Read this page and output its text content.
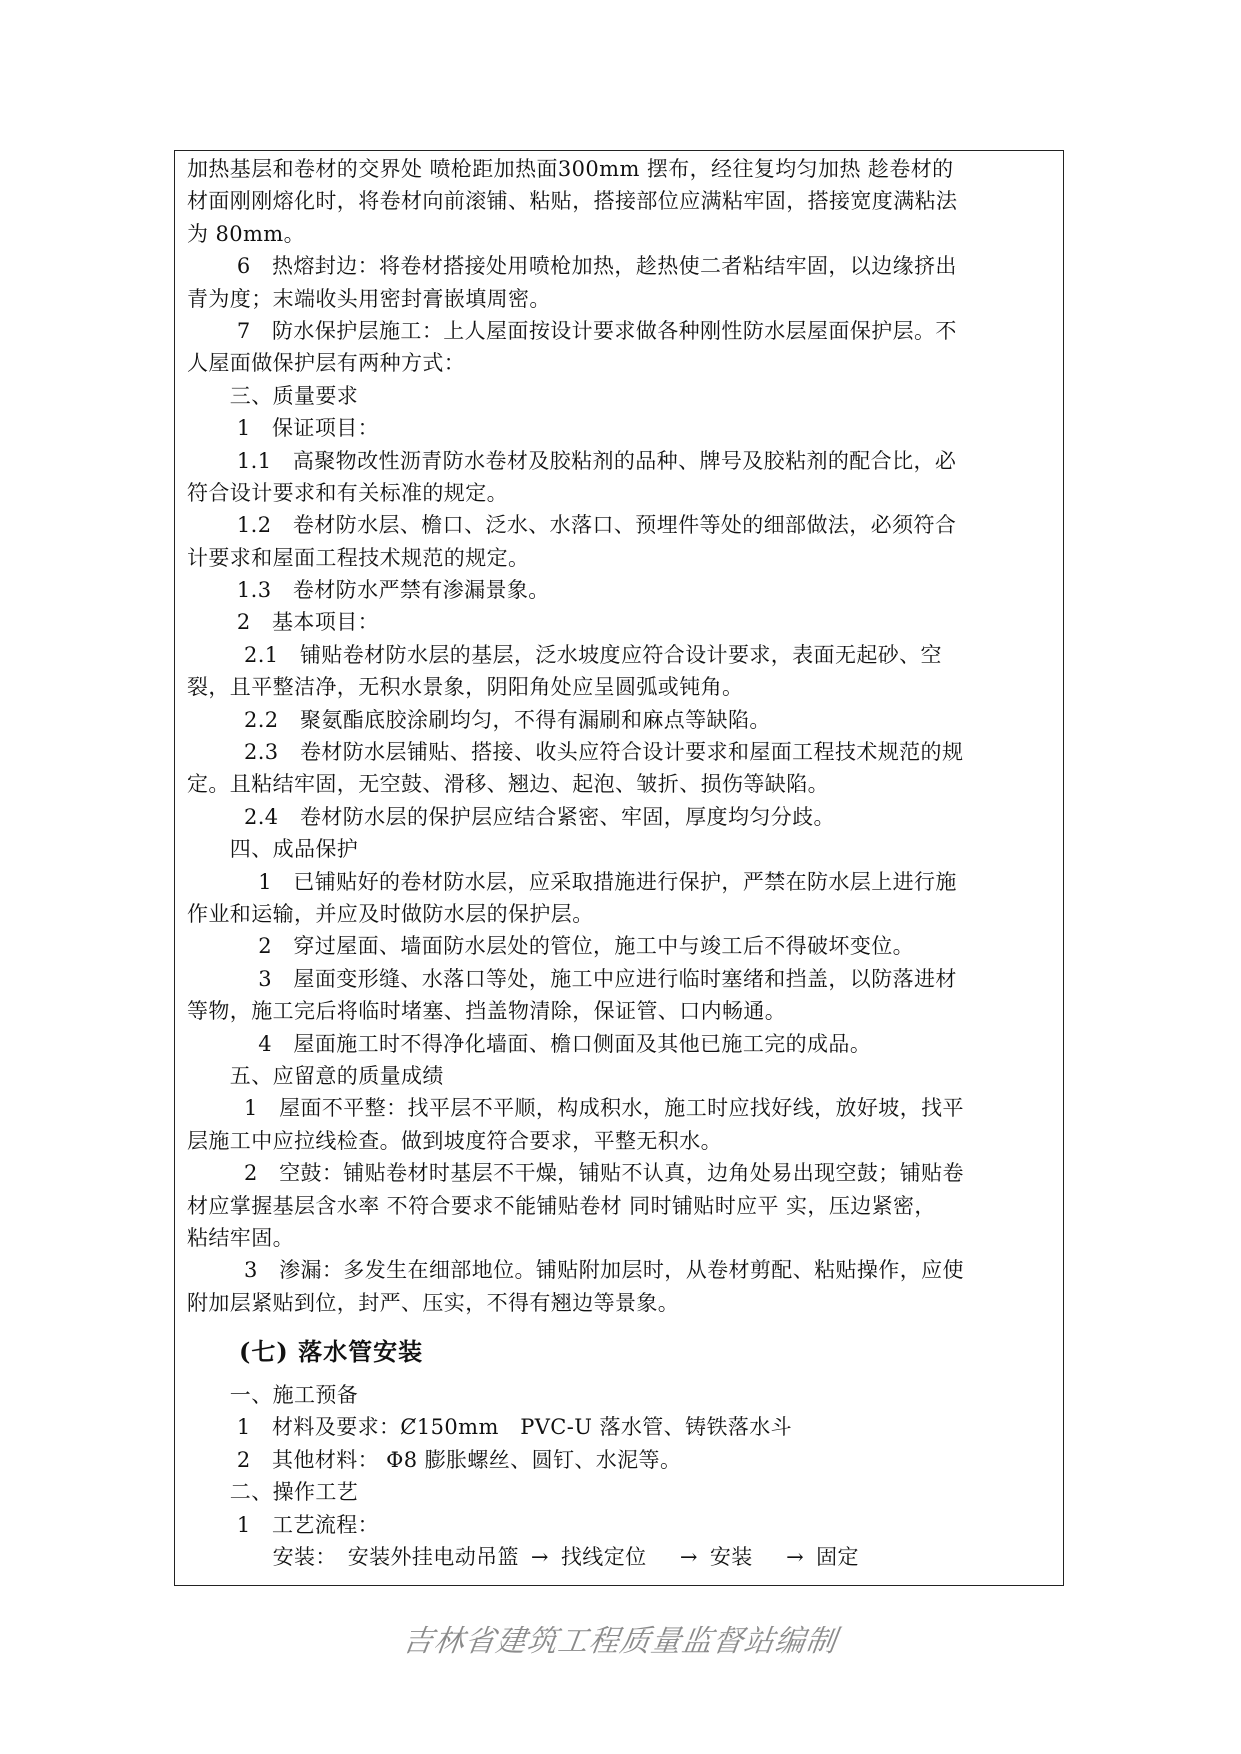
加热基层和卷材的交界处 喷枪距加热面300mm 摆布，经往复均匀加热 趁卷材的
材面刚刚熔化时，将卷材向前滚铺、粘贴，搭接部位应满粘牢固，搭接宽度满粘法
为 80mm。
　　 6　热熔封边：将卷材搭接处用喷枪加热，趁热使二者粘结牢固，以边缘挤出
青为度；末端收头用密封膏嵌填周密。
　　 7　防水保护层施工：上人屋面按设计要求做各种刚性防水层屋面保护层。不
人屋面做保护层有两种方式：
　　三、质量要求
　　 1　保证项目：
　　 1.1　高聚物改性沥青防水卷材及胶粘剂的品种、牌号及胶粘剂的配合比，必
符合设计要求和有关标准的规定。
　　 1.2　卷材防水层、檐口、泛水、水落口、预埋件等处的细部做法，必须符合
计要求和屋面工程技术规范的规定。
　　 1.3　卷材防水严禁有渗漏景象。
　　 2　基本项目：
　　  2.1　铺贴卷材防水层的基层，泛水坡度应符合设计要求，表面无起砂、空
裂，且平整洁净，无积水景象，阴阳角处应呈圆弧或钝角。
　　  2.2　聚氨酯底胶涂刷均匀，不得有漏刷和麻点等缺陷。
　　  2.3　卷材防水层铺贴、搭接、收头应符合设计要求和屋面工程技术规范的规
定。且粘结牢固，无空鼓、滑移、翘边、起泡、皱折、损伤等缺陷。
　　  2.4　卷材防水层的保护层应结合紧密、牢固，厚度均匀分歧。
　　四、成品保护
　　　 1　已铺贴好的卷材防水层，应采取措施进行保护，严禁在防水层上进行施
作业和运输，并应及时做防水层的保护层。
　　　 2　穿过屋面、墙面防水层处的管位，施工中与竣工后不得破坏变位。
　　　 3　屋面变形缝、水落口等处，施工中应进行临时塞绪和挡盖，以防落进材
等物，施工完后将临时堵塞、挡盖物清除，保证管、口内畅通。
　　　 4　屋面施工时不得净化墙面、檐口侧面及其他已施工完的成品。
　　五、应留意的质量成绩
　　  1　屋面不平整：找平层不平顺，构成积水，施工时应找好线，放好坡，找平
层施工中应拉线检查。做到坡度符合要求，平整无积水。
　　  2　空鼓：铺贴卷材时基层不干燥，铺贴不认真，边角处易出现空鼓；铺贴卷
材应掌握基层含水率 不符合要求不能铺贴卷材 同时铺贴时应平 实，压边紧密，
粘结牢固。
　　  3　渗漏：多发生在细部地位。铺贴附加层时，从卷材剪配、粘贴操作，应使
附加层紧贴到位，封严、压实，不得有翘边等景象。
(七) 落水管安装
　　一、施工预备
　　 1　材料及要求：Ȼ150mm　PVC-U 落水管、铸铁落水斗
　　 2　其他材料： Φ8 膨胀螺丝、圆钉、水泥等。
　　二、操作工艺
　　 1　工艺流程：
　　　　安装：　安装外挂电动吊篮 → 找线定位　→ 安装　→ 固定
吉林省建筑工程质量监督站编制
